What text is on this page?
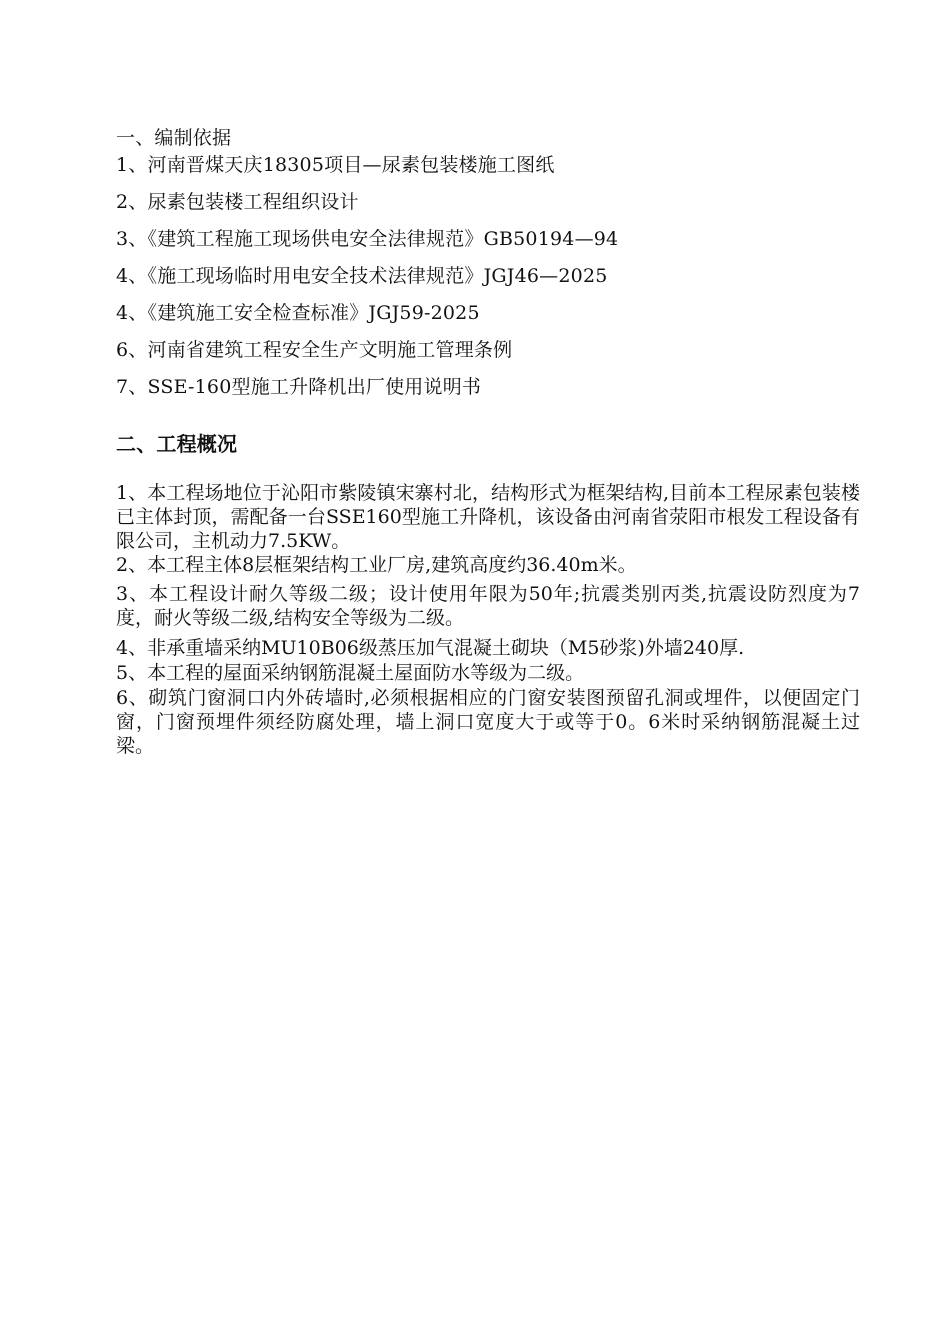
一、编制依据
1、河南晋煤天庆18305项目—尿素包装楼施工图纸
2、尿素包装楼工程组织设计
3、《建筑工程施工现场供电安全法律规范》GB50194—94
4、《施工现场临时用电安全技术法律规范》JGJ46—2025
4、《建筑施工安全检查标准》JGJ59-2025
6、河南省建筑工程安全生产文明施工管理条例
7、SSE-160型施工升降机出厂使用说明书
二、工程概况
1、本工程场地位于沁阳市紫陵镇宋寨村北，结构形式为框架结构,目前本工程尿素包装楼已主体封顶，需配备一台SSE160型施工升降机，该设备由河南省荥阳市根发工程设备有限公司，主机动力7.5KW。
2、本工程主体8层框架结构工业厂房,建筑高度约36.40m米。
3、本工程设计耐久等级二级；设计使用年限为50年;抗震类别丙类,抗震设防烈度为7度，耐火等级二级,结构安全等级为二级。
4、非承重墙采纳MU10B06级蒸压加气混凝土砌块（M5砂浆)外墙240厚.
5、本工程的屋面采纳钢筋混凝土屋面防水等级为二级。
6、砌筑门窗洞口内外砖墙时,必须根据相应的门窗安装图预留孔洞或埋件，以便固定门窗，门窗预埋件须经防腐处理，墙上洞口宽度大于或等于0。6米时采纳钢筋混凝土过梁。
